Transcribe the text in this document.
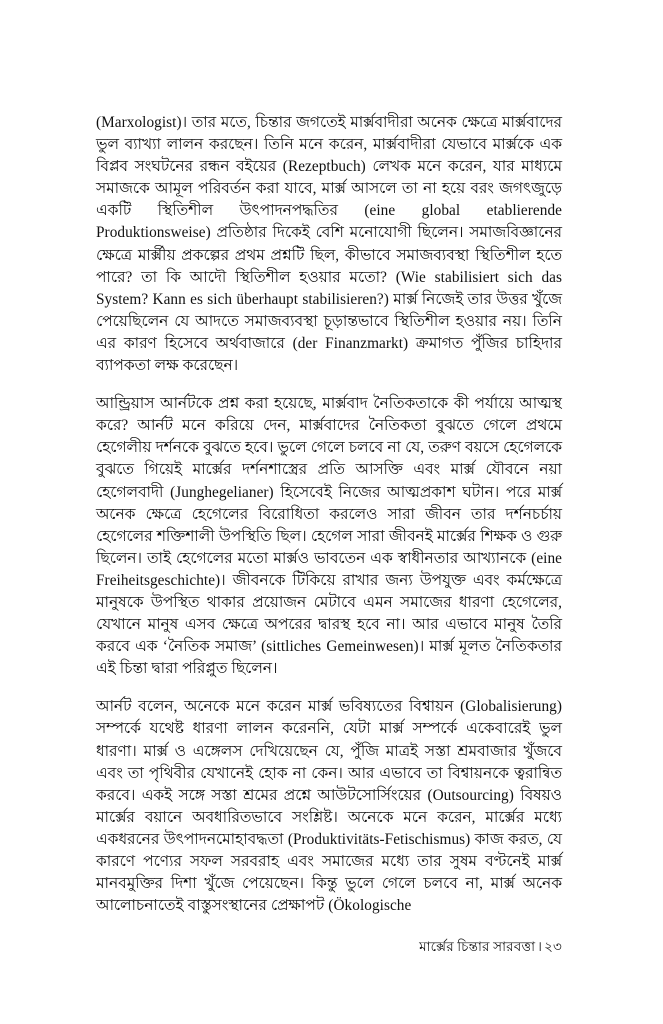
(Marxologist)। তার মতে, চিন্তার জগতেই মার্ক্সবাদীরা অনেক ক্ষেত্রে মার্ক্সবাদের ভুল ব্যাখ্যা লালন করছেন। তিনি মনে করেন, মার্ক্সবাদীরা যেভাবে মার্ক্সকে এক বিপ্লব সংঘটনের রন্ধন বইয়ের (Rezeptbuch) লেখক মনে করেন, যার মাধ্যমে সমাজকে আমূল পরিবর্তন করা যাবে, মার্ক্স আসলে তা না হয়ে বরং জগৎজুড়ে একটি স্থিতিশীল উৎপাদনপদ্ধতির (eine global etablierende Produktionsweise) প্রতিষ্ঠার দিকেই বেশি মনোযোগী ছিলেন। সমাজবিজ্ঞানের ক্ষেত্রে মার্ক্সীয় প্রকল্পের প্রথম প্রশ্নটি ছিল, কীভাবে সমাজব্যবস্থা স্থিতিশীল হতে পারে? তা কি আদৌ স্থিতিশীল হওয়ার মতো? (Wie stabilisiert sich das System? Kann es sich überhaupt stabilisieren?) মার্ক্স নিজেই তার উত্তর খুঁজে পেয়েছিলেন যে আদতে সমাজব্যবস্থা চূড়ান্তভাবে স্থিতিশীল হওয়ার নয়। তিনি এর কারণ হিসেবে অর্থবাজারে (der Finanzmarkt) ক্রমাগত পুঁজির চাহিদার ব্যাপকতা লক্ষ করেছেন।

আন্ড্রিয়াস আর্নটকে প্রশ্ন করা হয়েছে, মার্ক্সবাদ নৈতিকতাকে কী পর্যায়ে আত্মস্থ করে? আর্নট মনে করিয়ে দেন, মার্ক্সবাদের নৈতিকতা বুঝতে গেলে প্রথমে হেগেলীয় দর্শনকে বুঝতে হবে। ভুলে গেলে চলবে না যে, তরুণ বয়সে হেগেলকে বুঝতে গিয়েই মার্ক্সের দর্শনশাস্ত্রের প্রতি আসক্তি এবং মার্ক্স যৌবনে নয়া হেগেলবাদী (Junghegelianer) হিসেবেই নিজের আত্মপ্রকাশ ঘটান। পরে মার্ক্স অনেক ক্ষেত্রে হেগেলের বিরোধিতা করলেও সারা জীবন তার দর্শনচর্চায় হেগেলের শক্তিশালী উপস্থিতি ছিল। হেগেল সারা জীবনই মার্ক্সের শিক্ষক ও গুরু ছিলেন। তাই হেগেলের মতো মার্ক্সও ভাবতেন এক স্বাধীনতার আখ্যানকে (eine Freiheitsgeschichte)। জীবনকে টিকিয়ে রাখার জন্য উপযুক্ত এবং কর্মক্ষেত্রে মানুষকে উপস্থিত থাকার প্রয়োজন মেটাবে এমন সমাজের ধারণা হেগেলের, যেখানে মানুষ এসব ক্ষেত্রে অপরের দ্বারস্থ হবে না। আর এভাবে মানুষ তৈরি করবে এক ‘নৈতিক সমাজ’ (sittliches Gemeinwesen)। মার্ক্স মূলত নৈতিকতার এই চিন্তা দ্বারা পরিপ্লুত ছিলেন।

আর্নট বলেন, অনেকে মনে করেন মার্ক্স ভবিষ্যতের বিশ্বায়ন (Globalisierung) সম্পর্কে যথেষ্ট ধারণা লালন করেননি, যেটা মার্ক্স সম্পর্কে একেবারেই ভুল ধারণা। মার্ক্স ও এঙ্গেলস দেখিয়েছেন যে, পুঁজি মাত্রই সস্তা শ্রমবাজার খুঁজবে এবং তা পৃথিবীর যেখানেই হোক না কেন। আর এভাবে তা বিশ্বায়নকে ত্বরান্বিত করবে। একই সঙ্গে সস্তা শ্রমের প্রশ্নে আউটসোর্সিংয়ের (Outsourcing) বিষয়ও মার্ক্সের বয়ানে অবধারিতভাবে সংশ্লিষ্ট। অনেকে মনে করেন, মার্ক্সের মধ্যে একধরনের উৎপাদনমোহাবদ্ধতা (Produktivitäts-Fetischismus) কাজ করত, যে কারণে পণ্যের সফল সরবরাহ এবং সমাজের মধ্যে তার সুষম বণ্টনেই মার্ক্স মানবমুক্তির দিশা খুঁজে পেয়েছেন। কিন্তু ভুলে গেলে চলবে না, মার্ক্স অনেক আলোচনাতেই বাস্তুসংস্থানের প্রেক্ষাপট (Ökologische

মার্ক্সের চিন্তার সারবত্তা । ২৩
